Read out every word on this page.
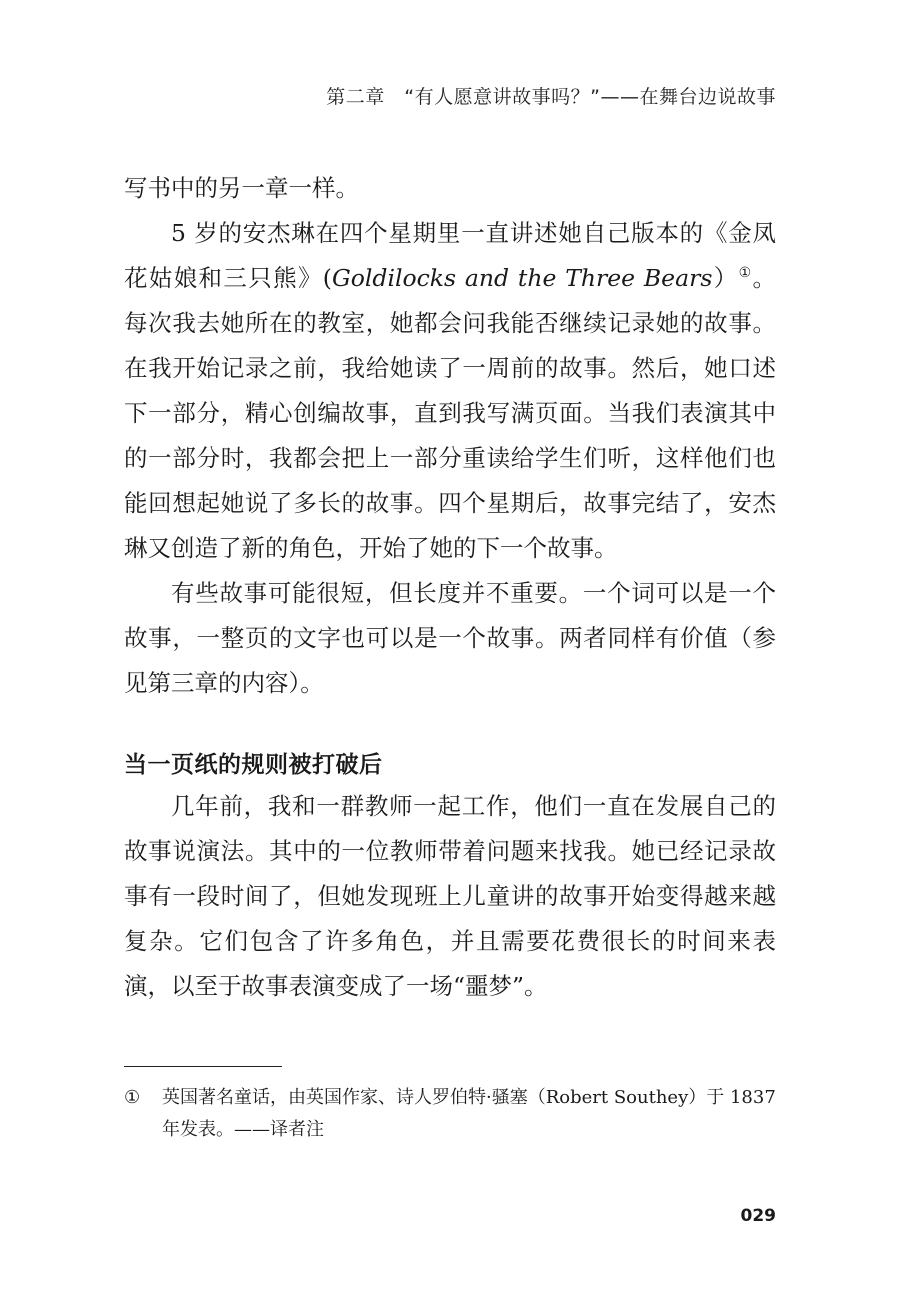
第二章　“有人愿意讲故事吗？”——在舞台边说故事

写书中的另一章一样。

5 岁的安杰琳在四个星期里一直讲述她自己版本的《金凤花姑娘和三只熊》(Goldilocks and the Three Bears）①。每次我去她所在的教室，她都会问我能否继续记录她的故事。在我开始记录之前，我给她读了一周前的故事。然后，她口述下一部分，精心创编故事，直到我写满页面。当我们表演其中的一部分时，我都会把上一部分重读给学生们听，这样他们也能回想起她说了多长的故事。四个星期后，故事完结了，安杰琳又创造了新的角色，开始了她的下一个故事。

有些故事可能很短，但长度并不重要。一个词可以是一个故事，一整页的文字也可以是一个故事。两者同样有价值（参见第三章的内容）。

当一页纸的规则被打破后

几年前，我和一群教师一起工作，他们一直在发展自己的故事说演法。其中的一位教师带着问题来找我。她已经记录故事有一段时间了，但她发现班上儿童讲的故事开始变得越来越复杂。它们包含了许多角色，并且需要花费很长的时间来表演，以至于故事表演变成了一场“噩梦”。

①	英国著名童话，由英国作家、诗人罗伯特·骚塞（Robert Southey）于 1837 年发表。——译者注
029
